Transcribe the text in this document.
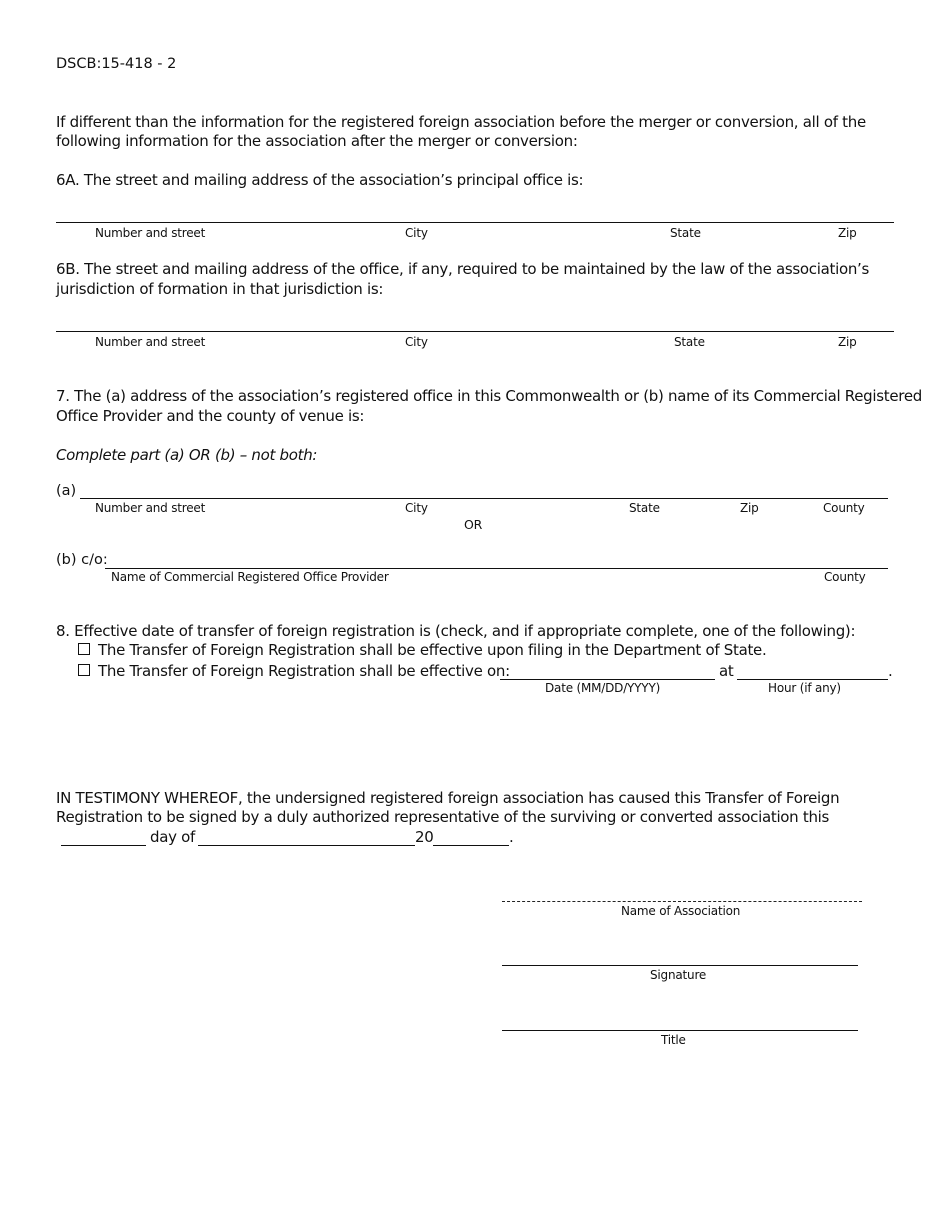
DSCB:15-418 - 2
If different than the information for the registered foreign association before the merger or conversion, all of the
following information for the association after the merger or conversion:
6A. The street and mailing address of the association’s principal office is:
Number and street	City	State	Zip
6B. The street and mailing address of the office, if any, required to be maintained by the law of the association’s
jurisdiction of formation in that jurisdiction is:
Number and street	City	State	Zip
7. The (a) address of the association’s registered office in this Commonwealth or (b) name of its Commercial Registered
Office Provider and the county of venue is:
Complete part (a) OR (b) – not both:
(a)
Number and street	City	State	Zip	County
OR
(b) c/o:
Name of Commercial Registered Office Provider	County
8. Effective date of transfer of foreign registration is (check, and if appropriate complete, one of the following):
The Transfer of Foreign Registration shall be effective upon filing in the Department of State.
The Transfer of Foreign Registration shall be effective on:	at	.
Date (MM/DD/YYYY)	Hour (if any)
IN TESTIMONY WHEREOF, the undersigned registered foreign association has caused this Transfer of Foreign
Registration to be signed by a duly authorized representative of the surviving or converted association this
day of	20	.
Name of Association
Signature
Title
